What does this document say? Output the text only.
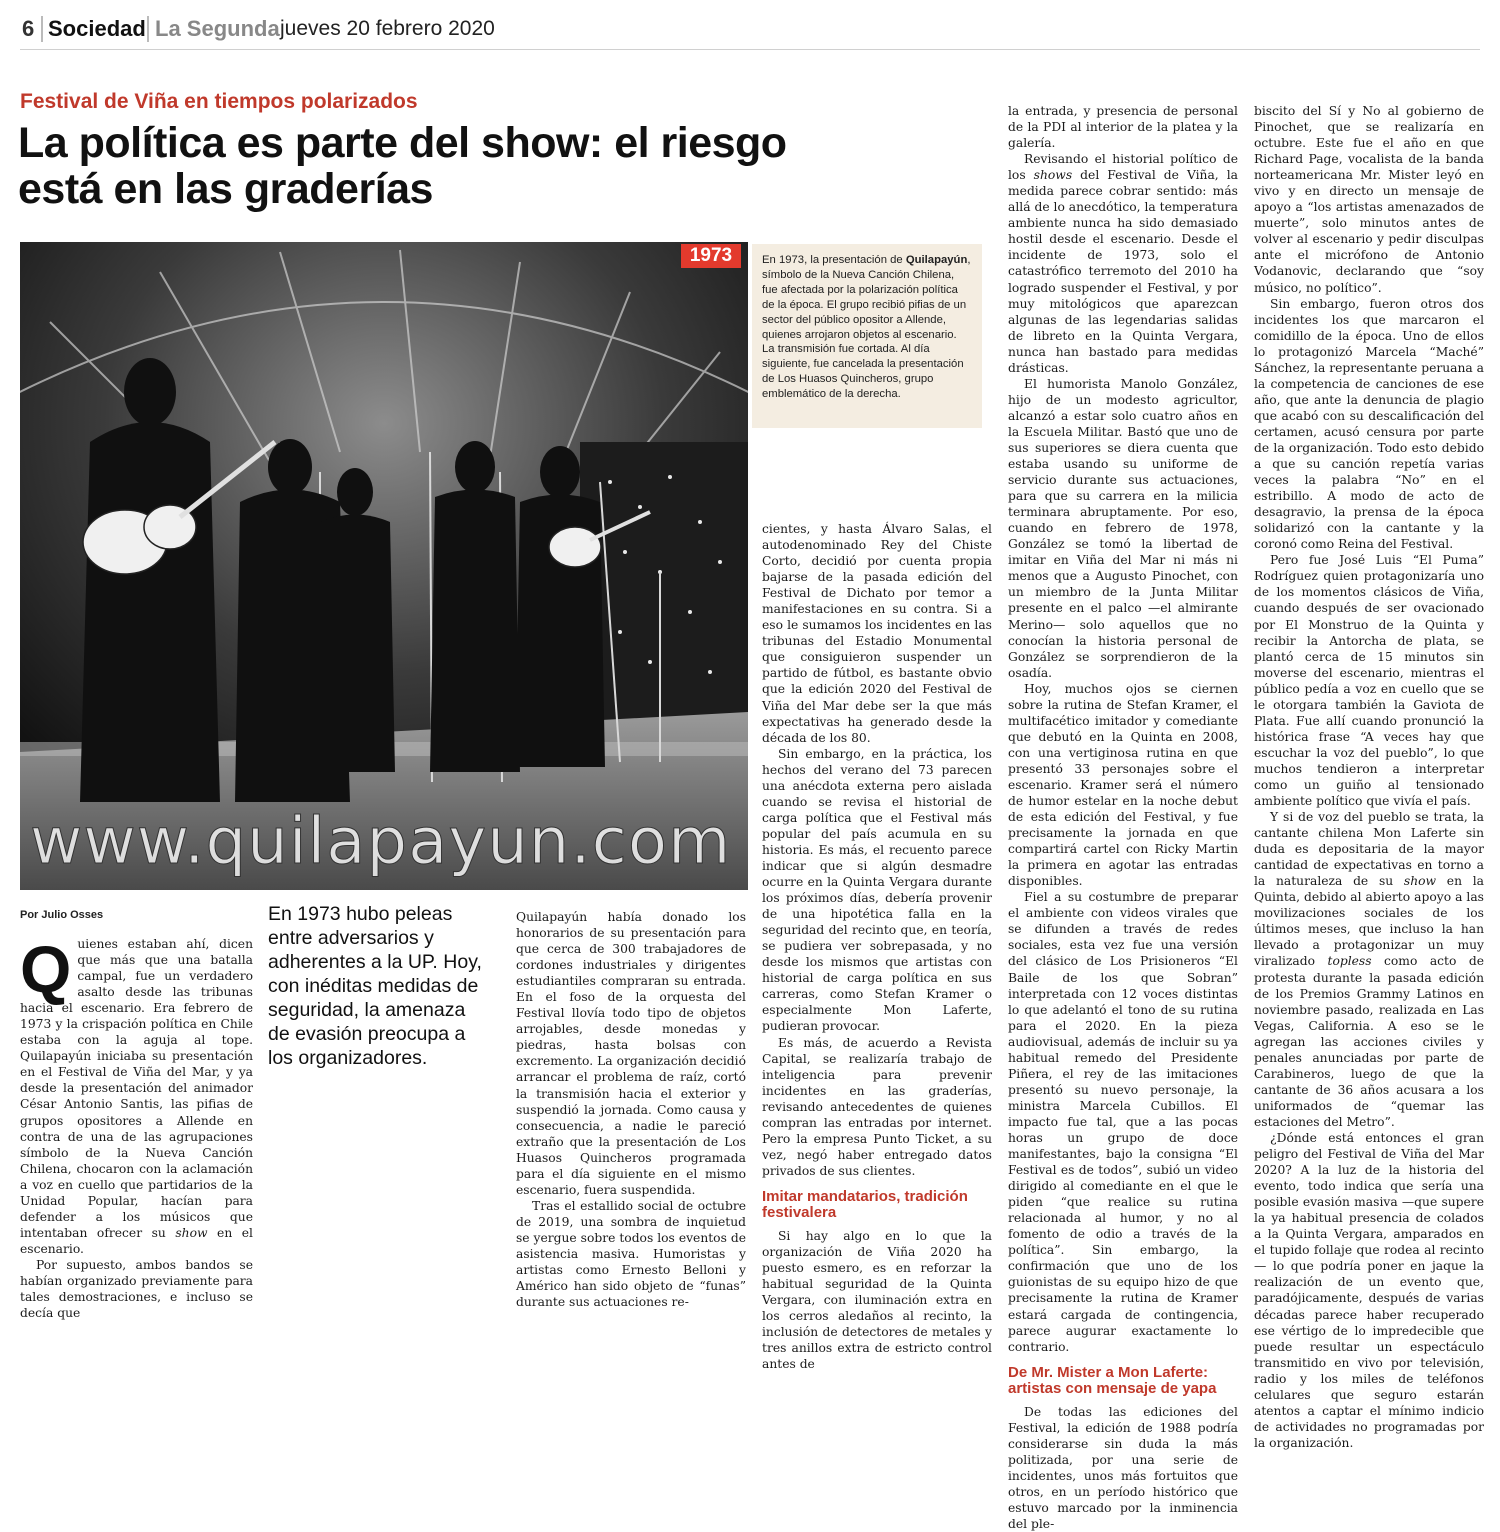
6 Sociedad La Segunda jueves 20 febrero 2020
Festival de Viña en tiempos polarizados
La política es parte del show: el riesgo está en las graderías
1973
www.quilapayun.com

En 1973, la presentación de Quilapayún, símbolo de la Nueva Canción Chilena, fue afectada por la polarización política de la época. El grupo recibió pifias de un sector del público opositor a Allende, quienes arrojaron objetos al escenario. La transmisión fue cortada. Al día siguiente, fue cancelada la presentación de Los Huasos Quincheros, grupo emblemático de la derecha.

Por Julio Osses

Quienes estaban ahí, dicen que más que una batalla campal, fue un verdadero asalto desde las tribunas hacia el escenario. Era febrero de 1973 y la crispación política en Chile estaba con la aguja al tope. Quilapayún iniciaba su presentación en el Festival de Viña del Mar, y ya desde la presentación del animador César Antonio Santis, las pifias de grupos opositores a Allende en contra de una de las agrupaciones símbolo de la Nueva Canción Chilena, chocaron con la aclamación a voz en cuello que partidarios de la Unidad Popular, hacían para defender a los músicos que intentaban ofrecer su show en el escenario.

Por supuesto, ambos bandos se habían organizado previamente para tales demostraciones, e incluso se decía que

En 1973 hubo peleas entre adversarios y adherentes a la UP. Hoy, con inéditas medidas de seguridad, la amenaza de evasión preocupa a los organizadores.

Quilapayún había donado los honorarios de su presentación para que cerca de 300 trabajadores de cordones industriales y dirigentes estudiantiles compraran su entrada. En el foso de la orquesta del Festival llovía todo tipo de objetos arrojables, desde monedas y piedras, hasta bolsas con excremento. La organización decidió arrancar el problema de raíz, cortó la transmisión hacia el exterior y suspendió la jornada. Como causa y consecuencia, a nadie le pareció extraño que la presentación de Los Huasos Quincheros programada para el día siguiente en el mismo escenario, fuera suspendida.

Tras el estallido social de octubre de 2019, una sombra de inquietud se yergue sobre todos los eventos de asistencia masiva. Humoristas y artistas como Ernesto Belloni y Américo han sido objeto de “funas” durante sus actuaciones re-

cientes, y hasta Álvaro Salas, el autodenominado Rey del Chiste Corto, decidió por cuenta propia bajarse de la pasada edición del Festival de Dichato por temor a manifestaciones en su contra. Si a eso le sumamos los incidentes en las tribunas del Estadio Monumental que consiguieron suspender un partido de fútbol, es bastante obvio que la edición 2020 del Festival de Viña del Mar debe ser la que más expectativas ha generado desde la década de los 80.

Sin embargo, en la práctica, los hechos del verano del 73 parecen una anécdota externa pero aislada cuando se revisa el historial de carga política que el Festival más popular del país acumula en su historia. Es más, el recuento parece indicar que si algún desmadre ocurre en la Quinta Vergara durante los próximos días, debería provenir de una hipotética falla en la seguridad del recinto que, en teoría, se pudiera ver sobrepasada, y no desde los mismos que artistas con historial de carga política en sus carreras, como Stefan Kramer o especialmente Mon Laferte, pudieran provocar.

Es más, de acuerdo a Revista Capital, se realizaría trabajo de inteligencia para prevenir incidentes en las graderías, revisando antecedentes de quienes compran las entradas por internet. Pero la empresa Punto Ticket, a su vez, negó haber entregado datos privados de sus clientes.

Imitar mandatarios, tradición festivalera

Si hay algo en lo que la organización de Viña 2020 ha puesto esmero, es en reforzar la habitual seguridad de la Quinta Vergara, con iluminación extra en los cerros aledaños al recinto, la inclusión de detectores de metales y tres anillos extra de estricto control antes de

la entrada, y presencia de personal de la PDI al interior de la platea y la galería.

Revisando el historial político de los shows del Festival de Viña, la medida parece cobrar sentido: más allá de lo anecdótico, la temperatura ambiente nunca ha sido demasiado hostil desde el escenario. Desde el incidente de 1973, solo el catastrófico terremoto del 2010 ha logrado suspender el Festival, y por muy mitológicos que aparezcan algunas de las legendarias salidas de libreto en la Quinta Vergara, nunca han bastado para medidas drásticas.

El humorista Manolo González, hijo de un modesto agricultor, alcanzó a estar solo cuatro años en la Escuela Militar. Bastó que uno de sus superiores se diera cuenta que estaba usando su uniforme de servicio durante sus actuaciones, para que su carrera en la milicia terminara abruptamente. Por eso, cuando en febrero de 1978, González se tomó la libertad de imitar en Viña del Mar ni más ni menos que a Augusto Pinochet, con un miembro de la Junta Militar presente en el palco —el almirante Merino— solo aquellos que no conocían la historia personal de González se sorprendieron de la osadía.

Hoy, muchos ojos se ciernen sobre la rutina de Stefan Kramer, el multifacético imitador y comediante que debutó en la Quinta en 2008, con una vertiginosa rutina en que presentó 33 personajes sobre el escenario. Kramer será el número de humor estelar en la noche debut de esta edición del Festival, y fue precisamente la jornada en que compartirá cartel con Ricky Martin la primera en agotar las entradas disponibles.

Fiel a su costumbre de preparar el ambiente con videos virales que se difunden a través de redes sociales, esta vez fue una versión del clásico de Los Prisioneros “El Baile de los que Sobran” interpretada con 12 voces distintas lo que adelantó el tono de su rutina para el 2020. En la pieza audiovisual, además de incluir su ya habitual remedo del Presidente Piñera, el rey de las imitaciones presentó su nuevo personaje, la ministra Marcela Cubillos. El impacto fue tal, que a las pocas horas un grupo de doce manifestantes, bajo la consigna “El Festival es de todos”, subió un video dirigido al comediante en el que le piden “que realice su rutina relacionada al humor, y no al fomento de odio a través de la política”. Sin embargo, la confirmación que uno de los guionistas de su equipo hizo de que precisamente la rutina de Kramer estará cargada de contingencia, parece augurar exactamente lo contrario.

De Mr. Mister a Mon Laferte: artistas con mensaje de yapa

De todas las ediciones del Festival, la edición de 1988 podría considerarse sin duda la más politizada, por una serie de incidentes, unos más fortuitos que otros, en un período histórico que estuvo marcado por la inminencia del ple-

biscito del Sí y No al gobierno de Pinochet, que se realizaría en octubre. Este fue el año en que Richard Page, vocalista de la banda norteamericana Mr. Mister leyó en vivo y en directo un mensaje de apoyo a “los artistas amenazados de muerte”, solo minutos antes de volver al escenario y pedir disculpas ante el micrófono de Antonio Vodanovic, declarando que “soy músico, no político”.

Sin embargo, fueron otros dos incidentes los que marcaron el comidillo de la época. Uno de ellos lo protagonizó Marcela “Maché” Sánchez, la representante peruana a la competencia de canciones de ese año, que ante la denuncia de plagio que acabó con su descalificación del certamen, acusó censura por parte de la organización. Todo esto debido a que su canción repetía varias veces la palabra “No” en el estribillo. A modo de acto de desagravio, la prensa de la época solidarizó con la cantante y la coronó como Reina del Festival.

Pero fue José Luis “El Puma” Rodríguez quien protagonizaría uno de los momentos clásicos de Viña, cuando después de ser ovacionado por El Monstruo de la Quinta y recibir la Antorcha de plata, se plantó cerca de 15 minutos sin moverse del escenario, mientras el público pedía a voz en cuello que se le otorgara también la Gaviota de Plata. Fue allí cuando pronunció la histórica frase “A veces hay que escuchar la voz del pueblo”, lo que muchos tendieron a interpretar como un guiño al tensionado ambiente político que vivía el país.

Y si de voz del pueblo se trata, la cantante chilena Mon Laferte sin duda es depositaria de la mayor cantidad de expectativas en torno a la naturaleza de su show en la Quinta, debido al abierto apoyo a las movilizaciones sociales de los últimos meses, que incluso la han llevado a protagonizar un muy viralizado topless como acto de protesta durante la pasada edición de los Premios Grammy Latinos en noviembre pasado, realizada en Las Vegas, California. A eso se le agregan las acciones civiles y penales anunciadas por parte de Carabineros, luego de que la cantante de 36 años acusara a los uniformados de “quemar las estaciones del Metro”.

¿Dónde está entonces el gran peligro del Festival de Viña del Mar 2020? A la luz de la historia del evento, todo indica que sería una posible evasión masiva —que supere la ya habitual presencia de colados a la Quinta Vergara, amparados en el tupido follaje que rodea al recinto— lo que podría poner en jaque la realización de un evento que, paradójicamente, después de varias décadas parece haber recuperado ese vértigo de lo impredecible que puede resultar un espectáculo transmitido en vivo por televisión, radio y los miles de teléfonos celulares que seguro estarán atentos a captar el mínimo indicio de actividades no programadas por la organización.
